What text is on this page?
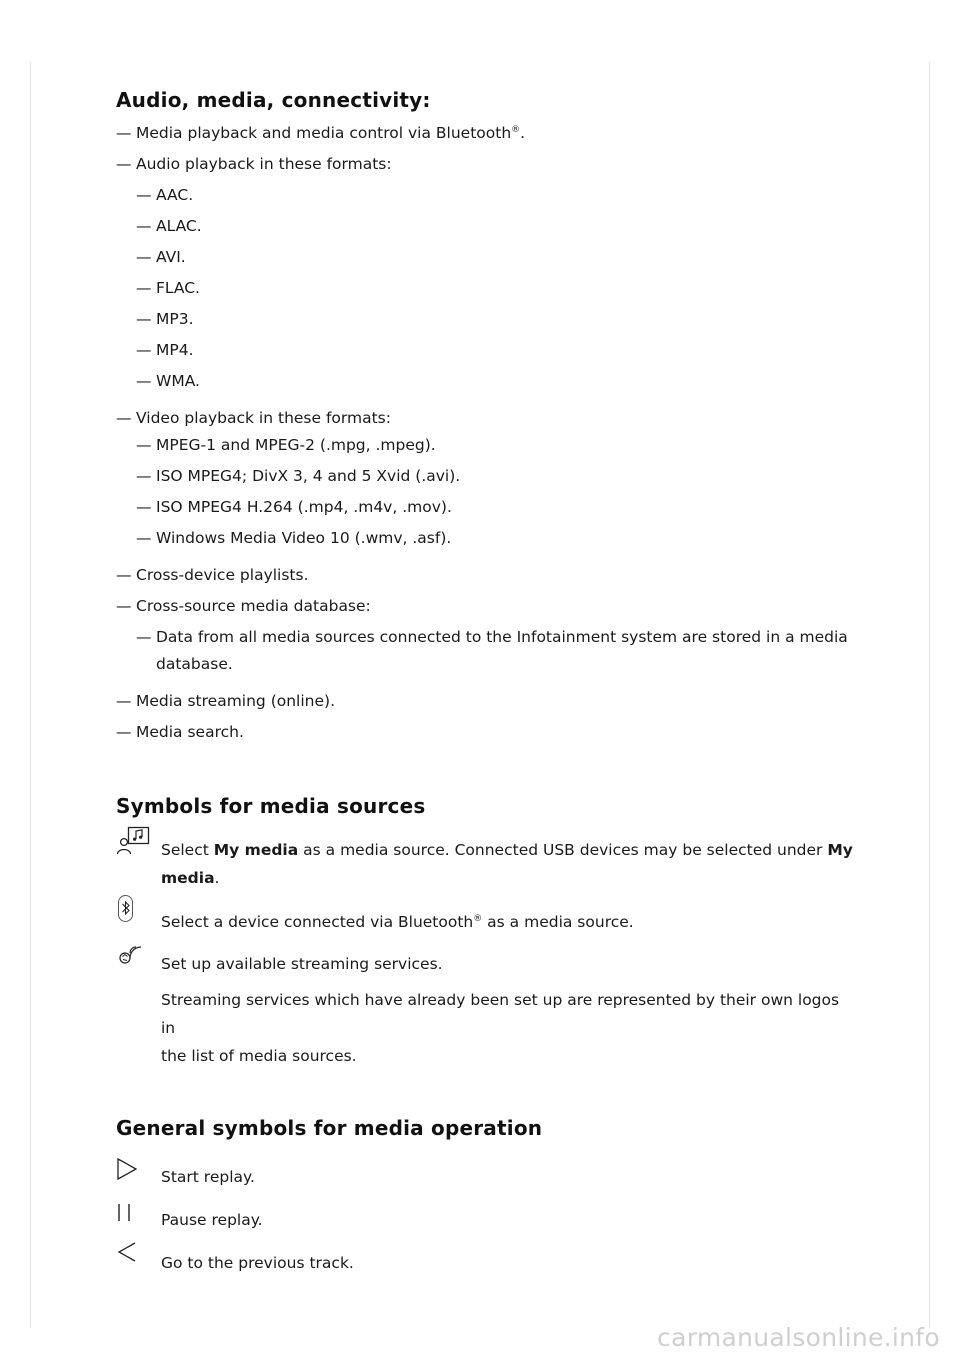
Audio, media, connectivity:

— Media playback and media control via Bluetooth®.

— Audio playback in these formats:

— AAC.

— ALAC.

— AVI.

— FLAC.

— MP3.

— MP4.

— WMA.

— Video playback in these formats:

— MPEG-1 and MPEG-2 (.mpg, .mpeg).

— ISO MPEG4; DivX 3, 4 and 5 Xvid (.avi).

— ISO MPEG4 H.264 (.mp4, .m4v, .mov).

— Windows Media Video 10 (.wmv, .asf).

— Cross-device playlists.

— Cross-source media database:

— Data from all media sources connected to the Infotainment system are stored in a media
database.

— Media streaming (online).

— Media search.

Symbols for media sources
Select My media as a media source. Connected USB devices may be selected under My
media.
Select a device connected via Bluetooth® as a media source.
Set up available streaming services.
Streaming services which have already been set up are represented by their own logos in
the list of media sources.
General symbols for media operation
Start replay.
Pause replay.
Go to the previous track.
carmanualsonline.info
